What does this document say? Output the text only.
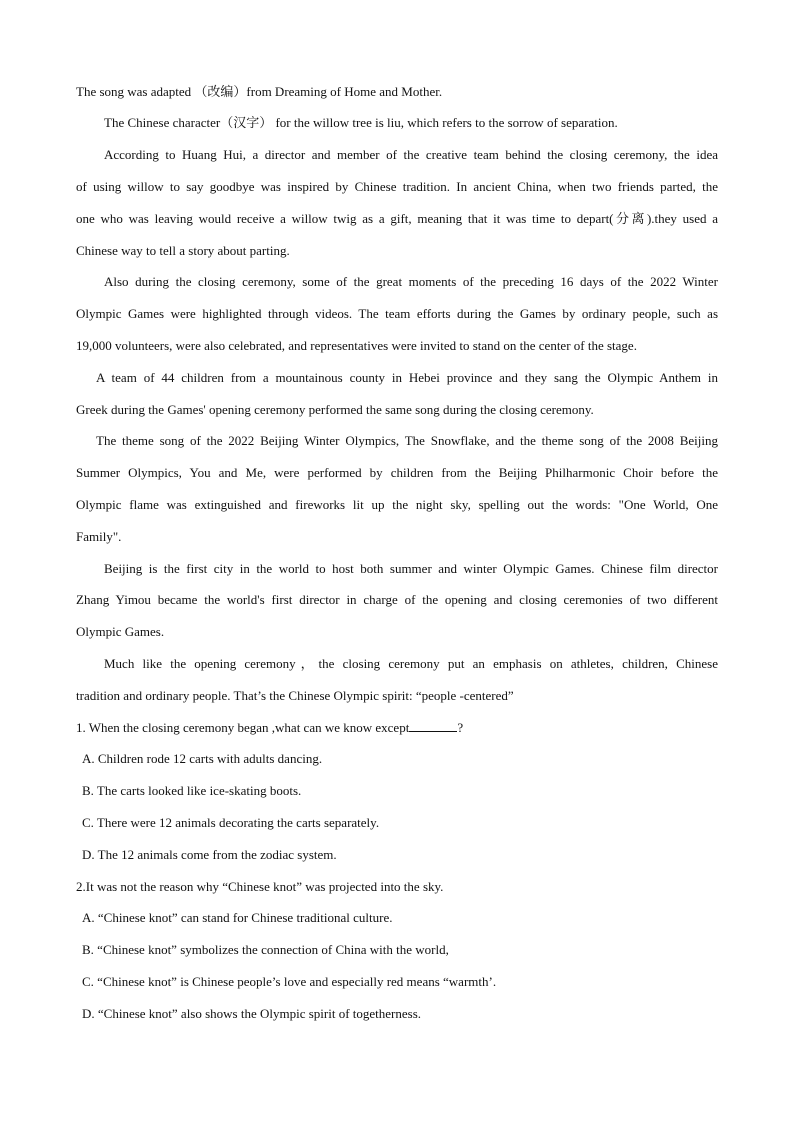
The song was adapted （改编）from Dreaming of Home and Mother.
The Chinese character（汉字） for the willow tree is liu, which refers to the sorrow of separation.
According to Huang Hui, a director and member of the creative team behind the closing ceremony, the idea
of using willow to say goodbye was inspired by Chinese tradition. In ancient China, when two friends parted, the
one who was leaving would receive a willow twig as a gift, meaning that it was time to depart(分离).they used a
Chinese way to tell a story about parting.
Also during the closing ceremony, some of the great moments of the preceding 16 days of the 2022 Winter
Olympic Games were highlighted through videos. The team efforts during the Games by ordinary people, such as
19,000 volunteers, were also celebrated, and representatives were invited to stand on the center of the stage.
A team of 44 children from a mountainous county in Hebei province and they sang the Olympic Anthem in
Greek during the Games' opening ceremony performed the same song during the closing ceremony.
The theme song of the 2022 Beijing Winter Olympics, The Snowflake, and the theme song of the 2008 Beijing
Summer Olympics, You and Me, were performed by children from the Beijing Philharmonic Choir before the
Olympic flame was extinguished and fireworks lit up the night sky, spelling out the words: "One World, One
Family".
Beijing is the first city in the world to host both summer and winter Olympic Games. Chinese film director
Zhang Yimou became the world's first director in charge of the opening and closing ceremonies of two different
Olympic Games.
Much like the opening ceremony，the closing ceremony put an emphasis on athletes, children, Chinese
tradition and ordinary people. That’s the Chinese Olympic spirit: “people -centered”
1. When the closing ceremony began ,what can we know except	?
A. Children rode 12 carts with adults dancing.
B. The carts looked like ice-skating boots.
C. There were 12 animals decorating the carts separately.
D. The 12 animals come from the zodiac system.
2.It was not the reason why “Chinese knot” was projected into the sky.
A. “Chinese knot” can stand for Chinese traditional culture.
B. “Chinese knot” symbolizes the connection of China with the world,
C. “Chinese knot” is Chinese people’s love and especially red means “warmth’.
D. “Chinese knot” also shows the Olympic spirit of togetherness.
